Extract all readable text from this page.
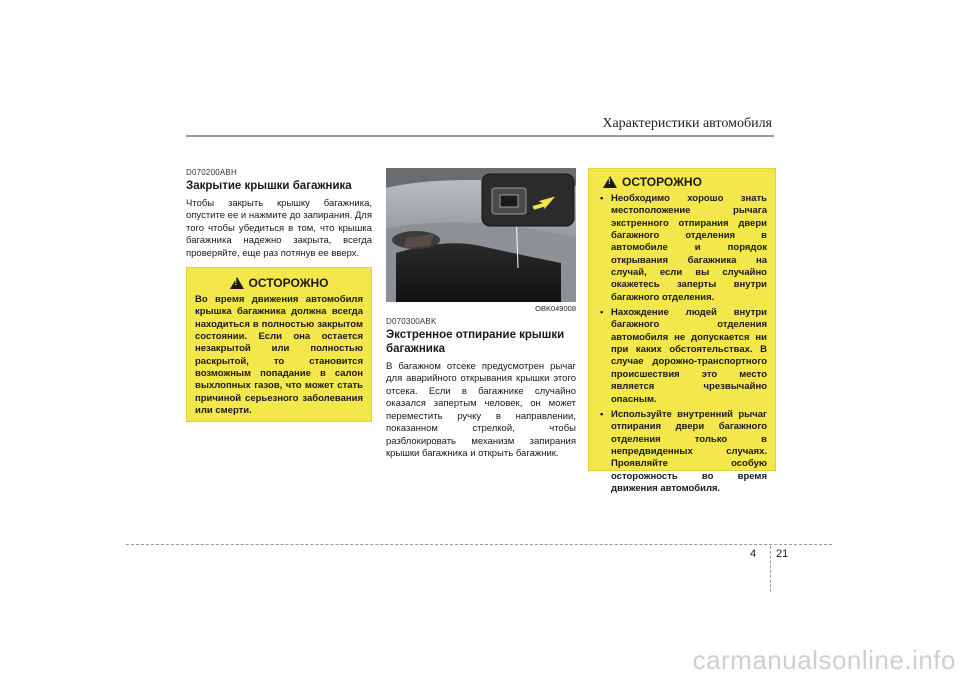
Характеристики автомобиля
D070200ABH
Закрытие крышки багажника
Чтобы закрыть крышку багажника, опустите ее и нажмите до запирания. Для того чтобы убедиться в том, что крышка багажника надежно закрыта, всегда проверяйте, еще раз потянув ее вверх.
! ОСТОРОЖНО
Во время движения автомобиля крышка багажника должна всегда находиться в полностью закрытом состоянии. Если она остается незакрытой или полностью раскрытой, то становится возможным попадание в салон выхлопных газов, что может стать причиной серьезного заболевания или смерти.
OBK049008
D070300ABK
Экстренное отпирание крышки багажника
В багажном отсеке предусмотрен рычаг для аварийного открывания крышки этого отсека. Если в багажнике случайно оказался запертым человек, он может переместить ручку в направлении, показанном стрелкой, чтобы разблокировать механизм запирания крышки багажника и открыть багажник.
! ОСТОРОЖНО
• Необходимо хорошо знать местоположение рычага экстренного отпирания двери багажного отделения в автомобиле и порядок открывания багажника на случай, если вы случайно окажетесь заперты внутри багажного отделения.
• Нахождение людей внутри багажного отделения автомобиля не допускается ни при каких обстоятельствах. В случае дорожно-транспортного происшествия это место является чрезвычайно опасным.
• Используйте внутренний рычаг отпирания двери багажного отделения только в непредвиденных случаях. Проявляйте особую осторожность во время движения автомобиля.
4 21
carmanualsonline.info
